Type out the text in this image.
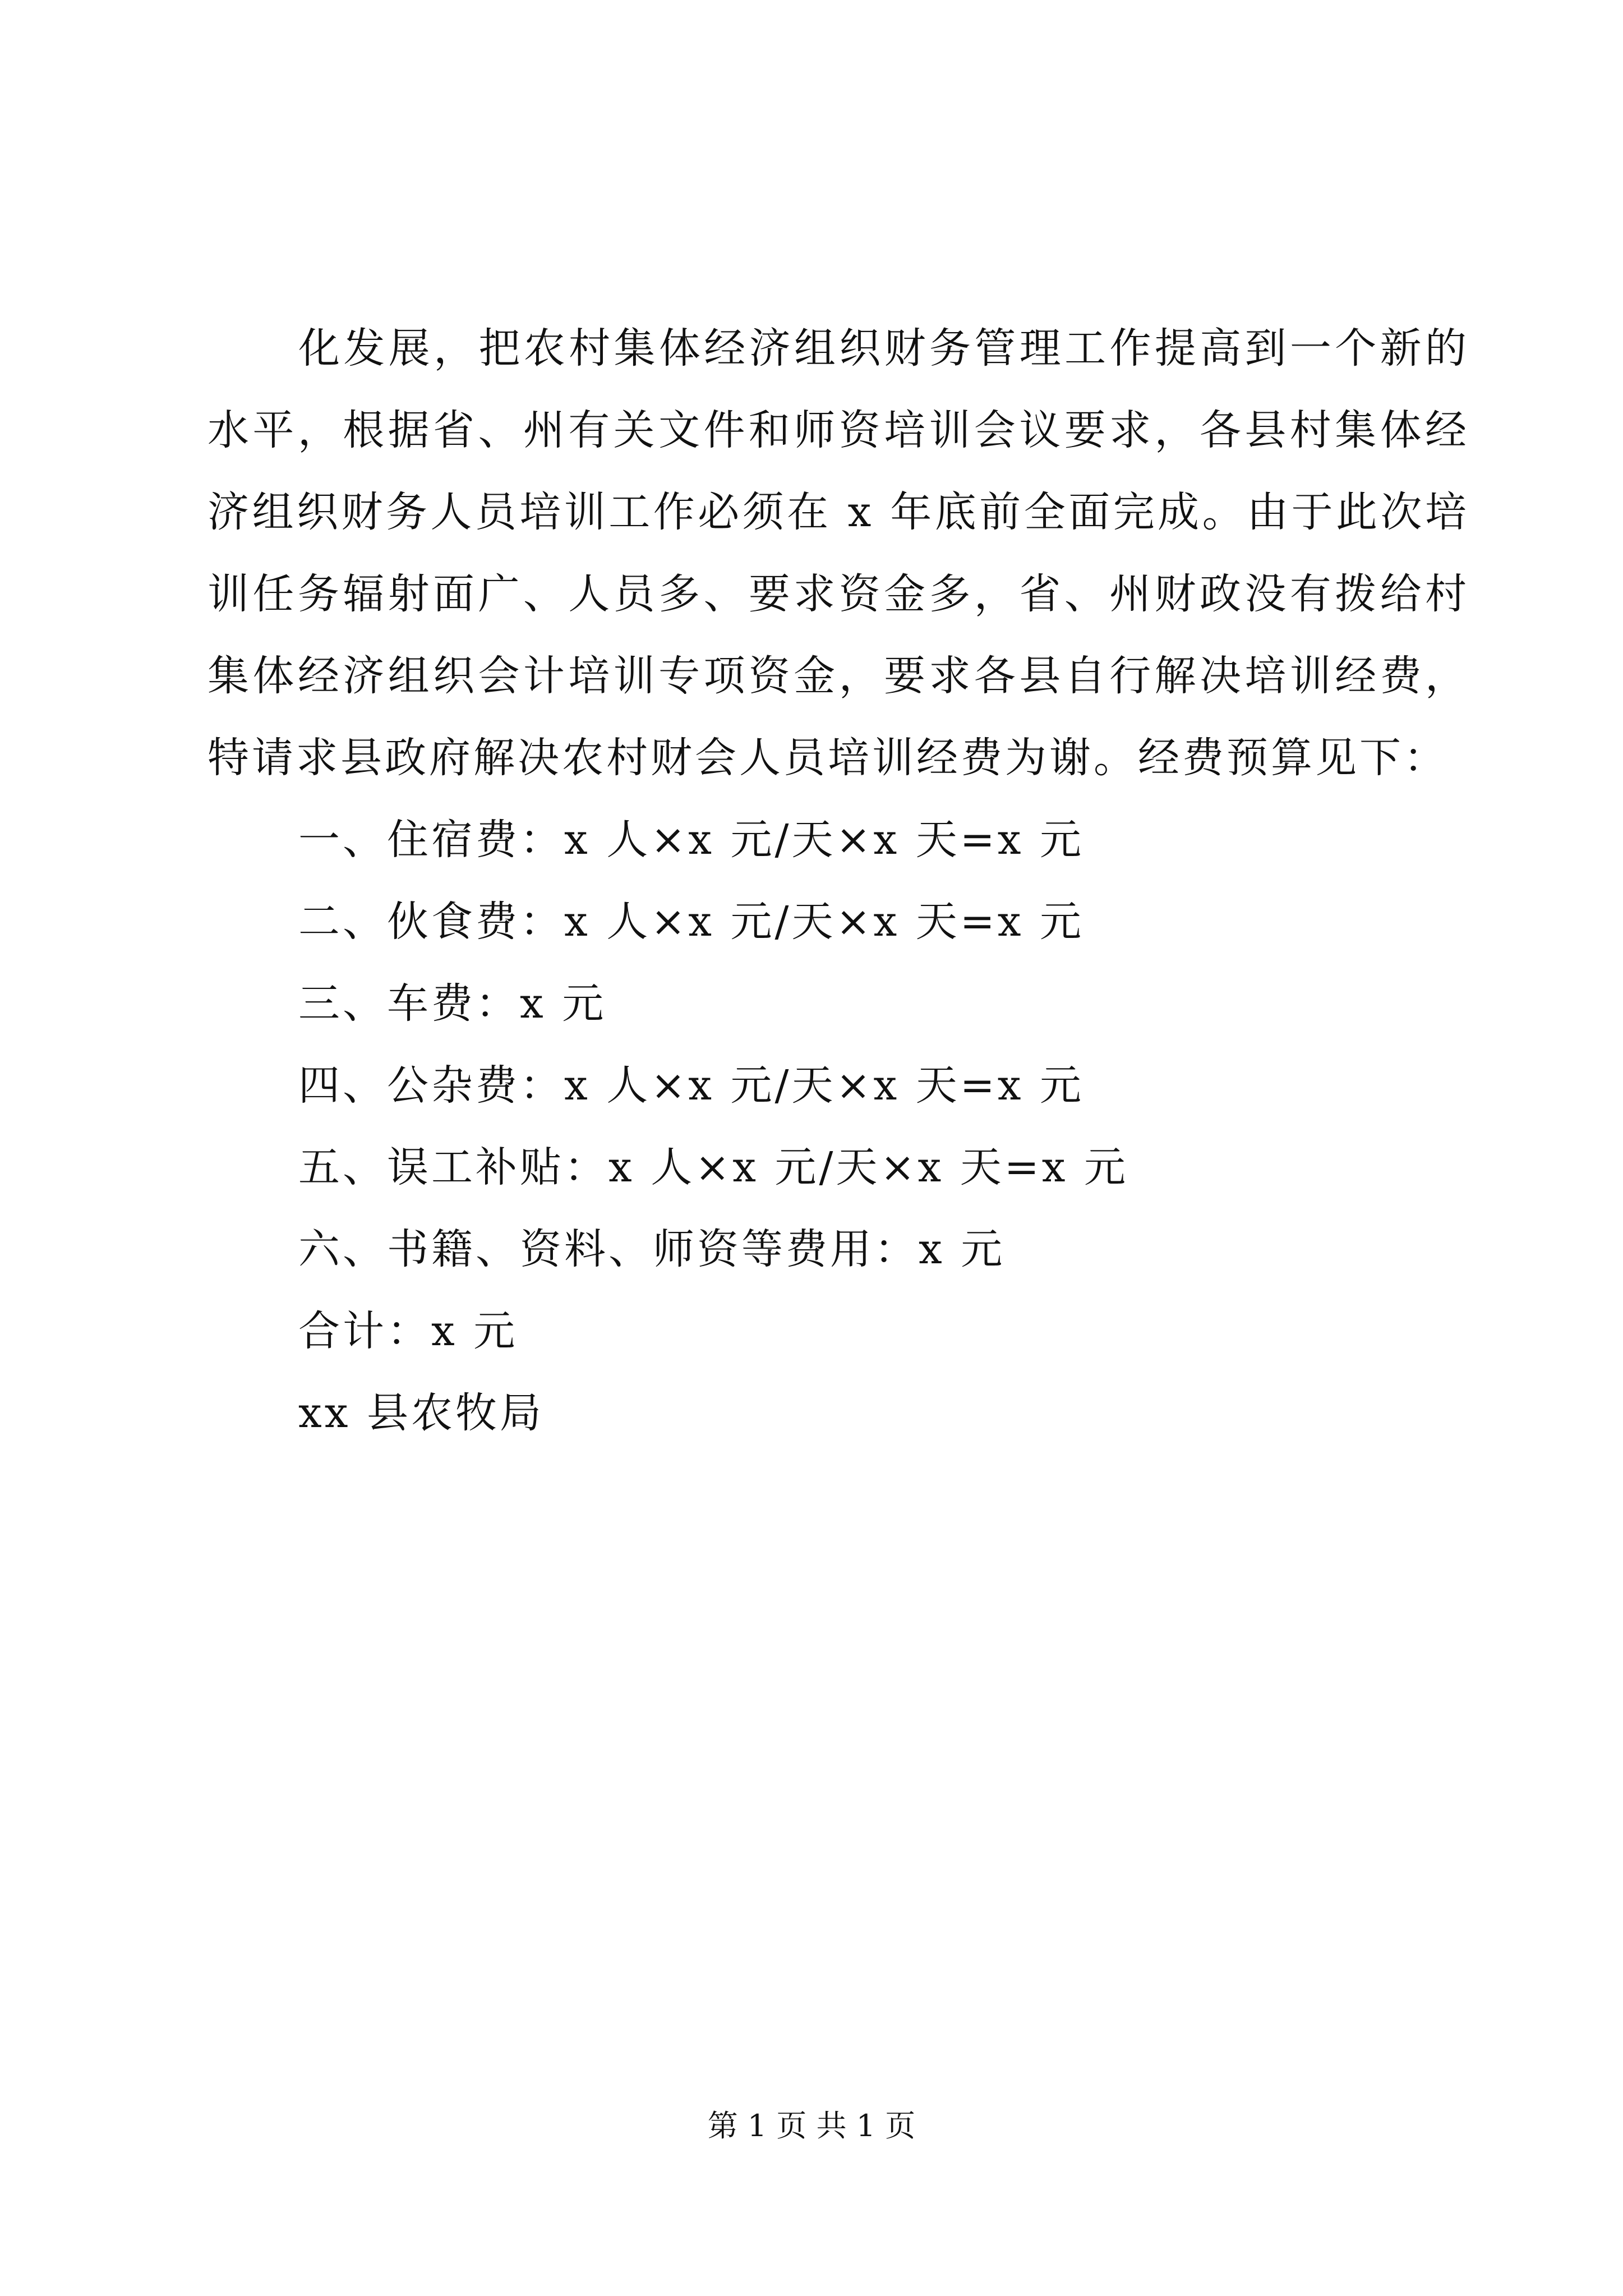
化发展，把农村集体经济组织财务管理工作提高到一个新的
水平，根据省、州有关文件和师资培训会议要求，各县村集体经
济组织财务人员培训工作必须在 x 年底前全面完成。由于此次培
训任务辐射面广、人员多、要求资金多，省、州财政没有拨给村
集体经济组织会计培训专项资金，要求各县自行解决培训经费，
特请求县政府解决农村财会人员培训经费为谢。经费预算见下：
一、住宿费：x 人×x 元/天×x 天=x 元
二、伙食费：x 人×x 元/天×x 天=x 元
三、车费：x 元
四、公杂费：x 人×x 元/天×x 天=x 元
五、误工补贴：x 人×x 元/天×x 天=x 元
六、书籍、资料、师资等费用：x 元
合计：x 元
xx 县农牧局
第 1 页 共 1 页
